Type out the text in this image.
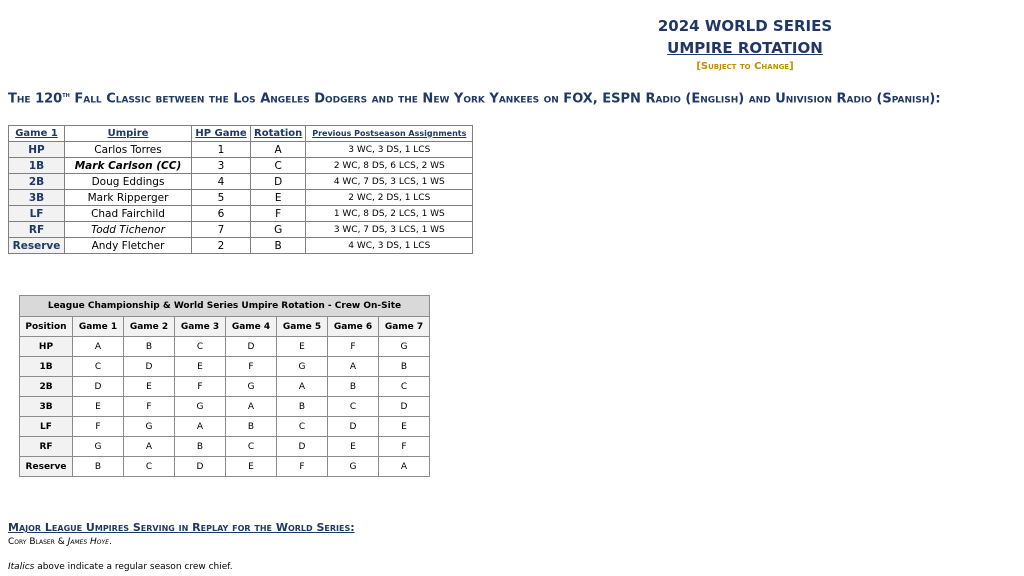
2024 WORLD SERIES
UMPIRE ROTATION
[Subject to Change]
The 120th Fall Classic between the Los Angeles Dodgers and the New York Yankees on FOX, ESPN Radio (English) and Univision Radio (Spanish):
Game 1	Umpire	HP Game	Rotation	Previous Postseason Assignments
HP	Carlos Torres	1	A	3 WC, 3 DS, 1 LCS
1B	Mark Carlson (CC)	3	C	2 WC, 8 DS, 6 LCS, 2 WS
2B	Doug Eddings	4	D	4 WC, 7 DS, 3 LCS, 1 WS
3B	Mark Ripperger	5	E	2 WC, 2 DS, 1 LCS
LF	Chad Fairchild	6	F	1 WC, 8 DS, 2 LCS, 1 WS
RF	Todd Tichenor	7	G	3 WC, 7 DS, 3 LCS, 1 WS
Reserve	Andy Fletcher	2	B	4 WC, 3 DS, 1 LCS
League Championship & World Series Umpire Rotation - Crew On-Site							
Position	Game 1	Game 2	Game 3	Game 4	Game 5	Game 6	Game 7
HP	A	B	C	D	E	F	G
1B	C	D	E	F	G	A	B
2B	D	E	F	G	A	B	C
3B	E	F	G	A	B	C	D
LF	F	G	A	B	C	D	E
RF	G	A	B	C	D	E	F
Reserve	B	C	D	E	F	G	A
Major League Umpires Serving in Replay for the World Series:
Cory Blaser & James Hoye.
Italics above indicate a regular season crew chief.
